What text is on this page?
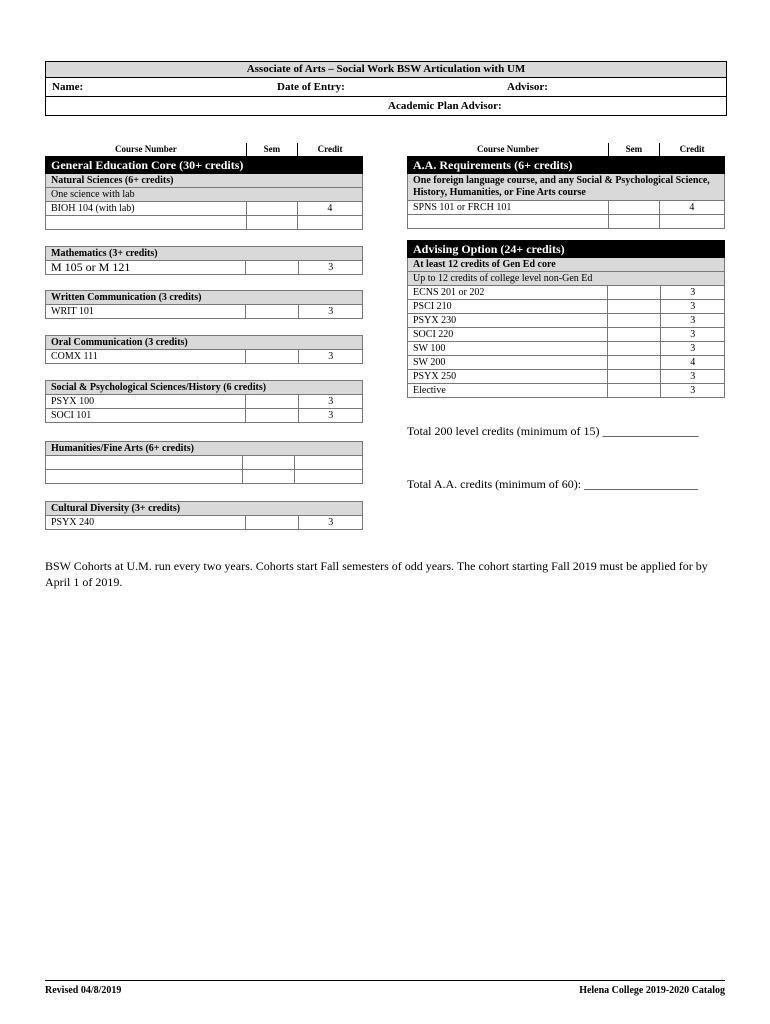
Associate of Arts – Social Work BSW Articulation with UM
Name:	Date of Entry:	Advisor:
Academic Plan Advisor:
Course Number	Sem	Credit
General Education Core (30+ credits)		
Natural Sciences (6+ credits)		
One science with lab		
BIOH 104 (with lab)		4

Mathematics (3+ credits)
M 105 or M 121		3
Written Communication (3 credits)
WRIT 101		3
Oral Communication (3 credits)
COMX 111		3
Social & Psychological Sciences/History (6 credits)		
PSYX 100		3
SOCI 101		3
Humanities/Fine Arts (6+ credits)		

Cultural Diversity (3+ credits)
PSYX 240		3
Course Number	Sem	Credit
A.A. Requirements (6+ credits)		
One foreign language course, and any Social & Psychological Science, History, Humanities, or Fine Arts course		
SPNS 101 or FRCH 101		4

Advising Option (24+ credits)		
At least 12 credits of Gen Ed core		
Up to 12 credits of college level non-Gen Ed		
ECNS 201 or 202		3
PSCI 210		3
PSYX 230		3
SOCI 220		3
SW 100		3
SW 200		4
PSYX 250		3
Elective		3
Total 200 level credits (minimum of 15) ________________
Total A.A. credits (minimum of 60): ___________________
BSW Cohorts at U.M. run every two years. Cohorts start Fall semesters of odd years. The cohort starting Fall 2019 must be applied for by April 1 of 2019.
Revised 04/8/2019	Helena College 2019-2020 Catalog
